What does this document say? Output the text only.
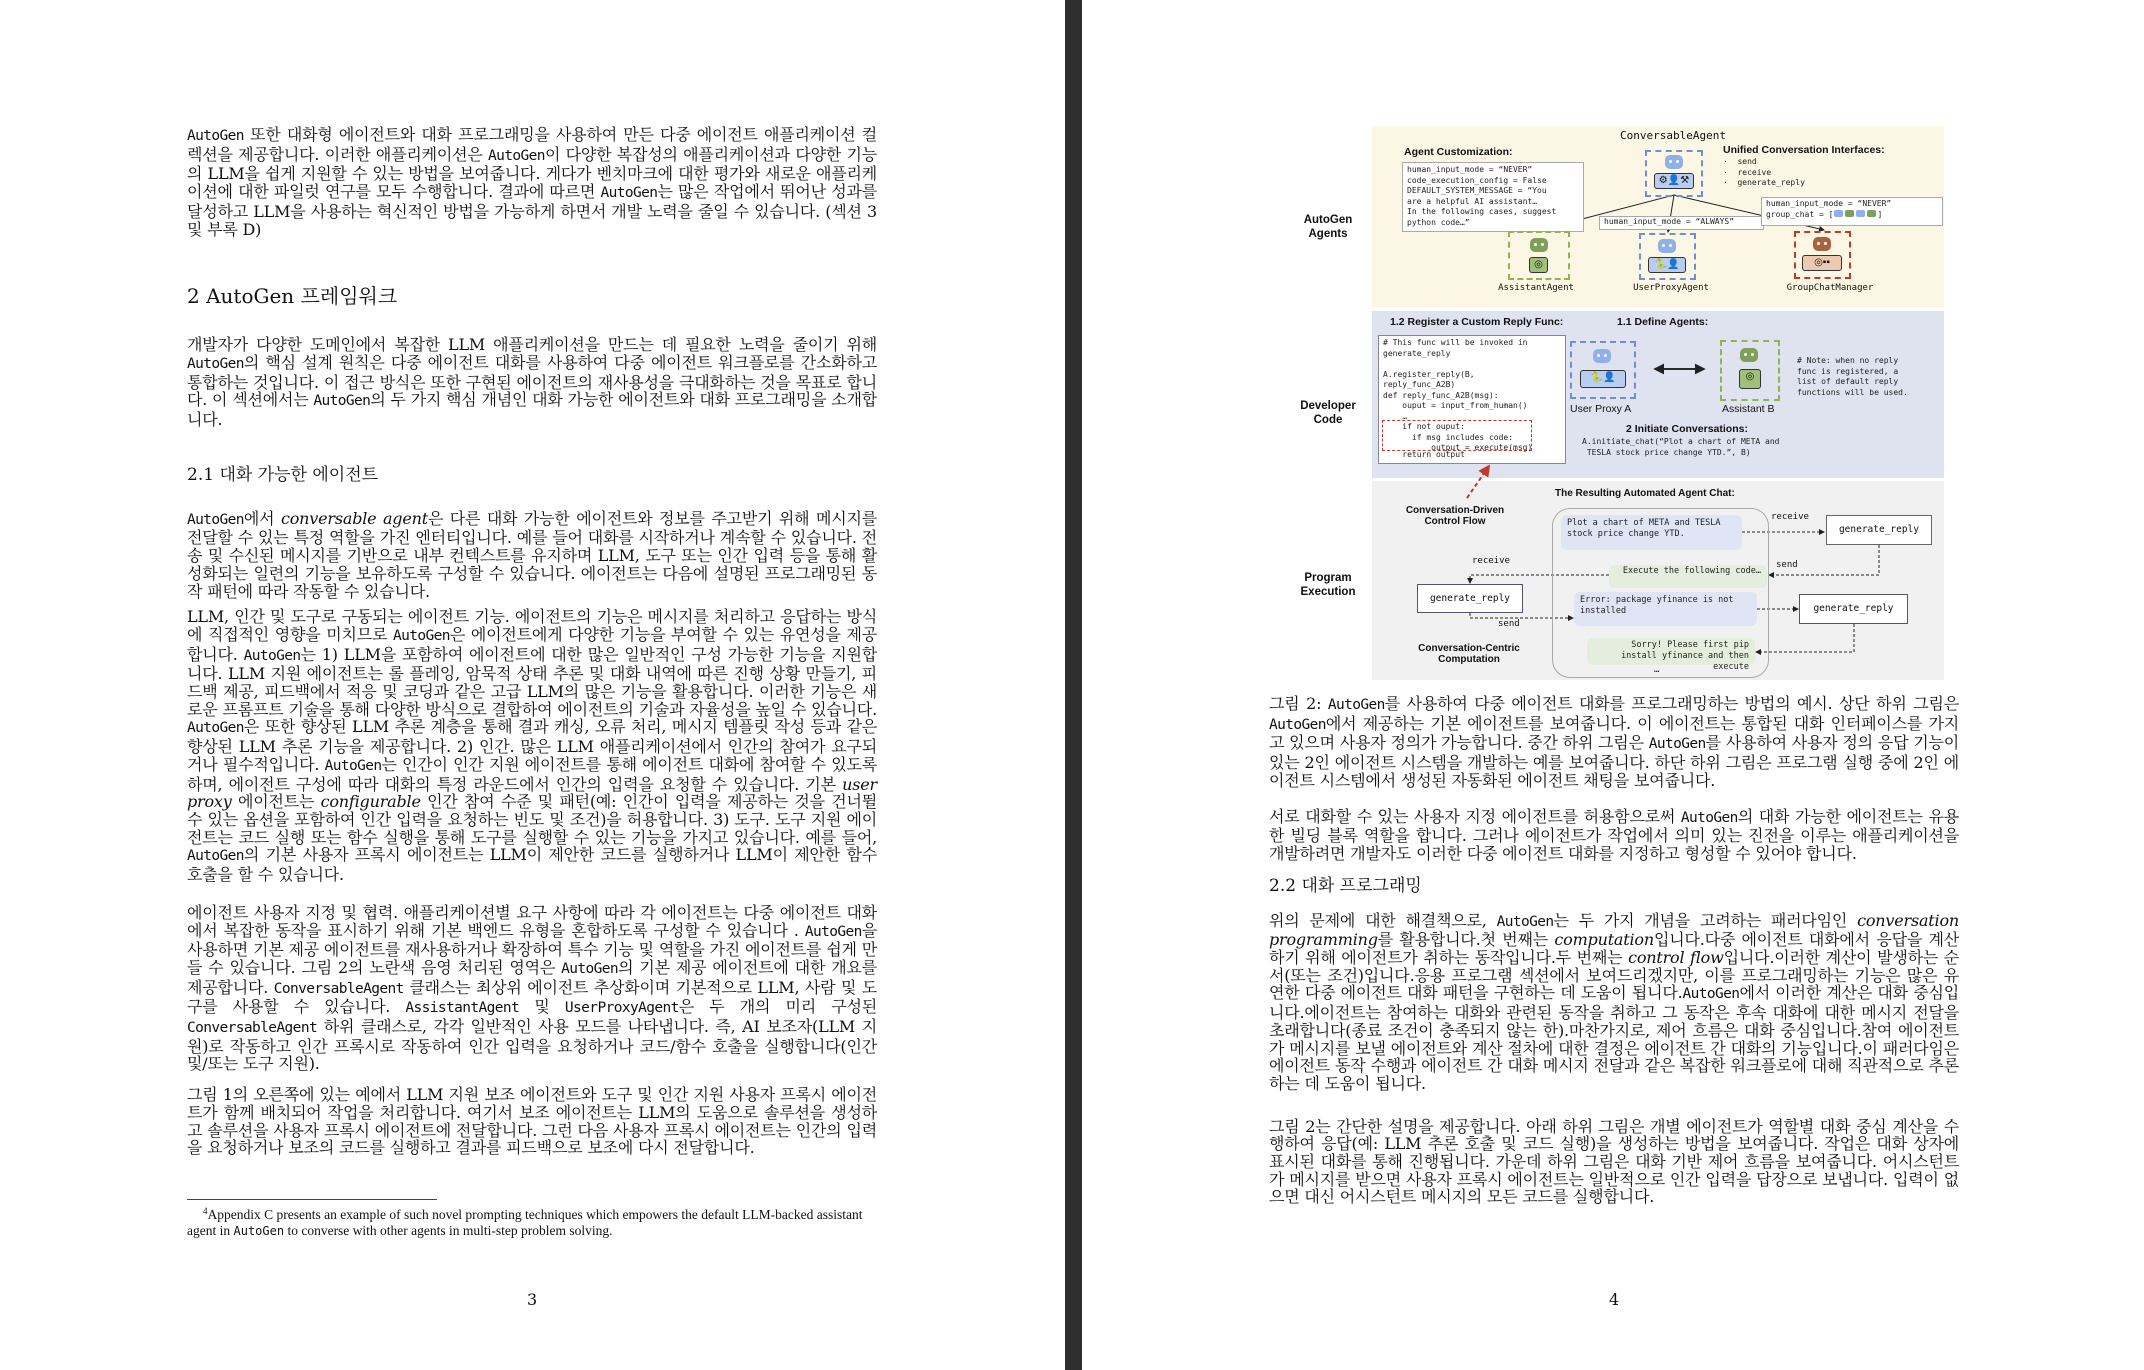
AutoGen 또한 대화형 에이전트와 대화 프로그래밍을 사용하여 만든 다중 에이전트 애플리케이션 컬렉션을 제공합니다. 이러한 애플리케이션은 AutoGen이 다양한 복잡성의 애플리케이션과 다양한 기능의 LLM을 쉽게 지원할 수 있는 방법을 보여줍니다. 게다가 벤치마크에 대한 평가와 새로운 애플리케이션에 대한 파일럿 연구를 모두 수행합니다. 결과에 따르면 AutoGen는 많은 작업에서 뛰어난 성과를 달성하고 LLM을 사용하는 혁신적인 방법을 가능하게 하면서 개발 노력을 줄일 수 있습니다. (섹션 3 및 부록 D)
2 AutoGen 프레임워크
개발자가 다양한 도메인에서 복잡한 LLM 애플리케이션을 만드는 데 필요한 노력을 줄이기 위해 AutoGen의 핵심 설계 원칙은 다중 에이전트 대화를 사용하여 다중 에이전트 워크플로를 간소화하고 통합하는 것입니다. 이 접근 방식은 또한 구현된 에이전트의 재사용성을 극대화하는 것을 목표로 합니다. 이 섹션에서는 AutoGen의 두 가지 핵심 개념인 대화 가능한 에이전트와 대화 프로그래밍을 소개합니다.
2.1 대화 가능한 에이전트
AutoGen에서 conversable agent은 다른 대화 가능한 에이전트와 정보를 주고받기 위해 메시지를 전달할 수 있는 특정 역할을 가진 엔터티입니다. 예를 들어 대화를 시작하거나 계속할 수 있습니다. 전송 및 수신된 메시지를 기반으로 내부 컨텍스트를 유지하며 LLM, 도구 또는 인간 입력 등을 통해 활성화되는 일련의 기능을 보유하도록 구성할 수 있습니다. 에이전트는 다음에 설명된 프로그래밍된 동작 패턴에 따라 작동할 수 있습니다.
LLM, 인간 및 도구로 구동되는 에이전트 기능. 에이전트의 기능은 메시지를 처리하고 응답하는 방식에 직접적인 영향을 미치므로 AutoGen은 에이전트에게 다양한 기능을 부여할 수 있는 유연성을 제공합니다. AutoGen는 1) LLM을 포함하여 에이전트에 대한 많은 일반적인 구성 가능한 기능을 지원합니다. LLM 지원 에이전트는 롤 플레잉, 암묵적 상태 추론 및 대화 내역에 따른 진행 상황 만들기, 피드백 제공, 피드백에서 적응 및 코딩과 같은 고급 LLM의 많은 기능을 활용합니다. 이러한 기능은 새로운 프롬프트 기술을 통해 다양한 방식으로 결합하여 에이전트의 기술과 자율성을 높일 수 있습니다. AutoGen은 또한 향상된 LLM 추론 계층을 통해 결과 캐싱, 오류 처리, 메시지 템플릿 작성 등과 같은 향상된 LLM 추론 기능을 제공합니다. 2) 인간. 많은 LLM 애플리케이션에서 인간의 참여가 요구되거나 필수적입니다. AutoGen는 인간이 인간 지원 에이전트를 통해 에이전트 대화에 참여할 수 있도록 하며, 에이전트 구성에 따라 대화의 특정 라운드에서 인간의 입력을 요청할 수 있습니다. 기본 user proxy 에이전트는 configurable 인간 참여 수준 및 패턴(예: 인간이 입력을 제공하는 것을 건너뛸 수 있는 옵션을 포함하여 인간 입력을 요청하는 빈도 및 조건)을 허용합니다. 3) 도구. 도구 지원 에이전트는 코드 실행 또는 함수 실행을 통해 도구를 실행할 수 있는 기능을 가지고 있습니다. 예를 들어, AutoGen의 기본 사용자 프록시 에이전트는 LLM이 제안한 코드를 실행하거나 LLM이 제안한 함수 호출을 할 수 있습니다.
에이전트 사용자 지정 및 협력. 애플리케이션별 요구 사항에 따라 각 에이전트는 다중 에이전트 대화에서 복잡한 동작을 표시하기 위해 기본 백엔드 유형을 혼합하도록 구성할 수 있습니다 . AutoGen을 사용하면 기본 제공 에이전트를 재사용하거나 확장하여 특수 기능 및 역할을 가진 에이전트를 쉽게 만들 수 있습니다. 그림 2의 노란색 음영 처리된 영역은 AutoGen의 기본 제공 에이전트에 대한 개요를 제공합니다. ConversableAgent 클래스는 최상위 에이전트 추상화이며 기본적으로 LLM, 사람 및 도구를 사용할 수 있습니다. AssistantAgent 및 UserProxyAgent은 두 개의 미리 구성된 ConversableAgent 하위 클래스로, 각각 일반적인 사용 모드를 나타냅니다. 즉, AI 보조자(LLM 지원)로 작동하고 인간 프록시로 작동하여 인간 입력을 요청하거나 코드/함수 호출을 실행합니다(인간 및/또는 도구 지원).
그림 1의 오른쪽에 있는 예에서 LLM 지원 보조 에이전트와 도구 및 인간 지원 사용자 프록시 에이전트가 함께 배치되어 작업을 처리합니다. 여기서 보조 에이전트는 LLM의 도움으로 솔루션을 생성하고 솔루션을 사용자 프록시 에이전트에 전달합니다. 그런 다음 사용자 프록시 에이전트는 인간의 입력을 요청하거나 보조의 코드를 실행하고 결과를 피드백으로 보조에 다시 전달합니다.
$^4$Appendix C presents an example of such novel prompting techniques which empowers the default LLM-backed assistant agent in AutoGen to converse with other agents in multi-step problem solving.
3
AutoGen Agents
Developer Code
Program Execution
ConversableAgent
Agent Customization:
human_input_mode = “NEVER”
code_execution_config = False
DEFAULT_SYSTEM_MESSAGE = “You
are a helpful AI assistant…
In the following cases, suggest
python code…”
⚙👤⚒
Unified Conversation Interfaces:
·  send
·  receive
·  generate_reply
human_input_mode = “ALWAYS”
human_input_mode = “NEVER”
group_chat = [	]
◎
AssistantAgent
🐍👤
UserProxyAgent
◎▪▪
GroupChatManager
1.2 Register a Custom Reply Func:	1.1 Define Agents:
# This func will be invoked in
generate_reply

A.register_reply(B,
reply_func_A2B)
def reply_func_A2B(msg):
ouput = input_from_human()
…
if not ouput:
if msg includes code:
output = execute(msg)
return output
🐍👤
User Proxy A
◎
Assistant B
# Note: when no reply
func is registered, a
list of default reply
functions will be used.
2 Initiate Conversations:
A.initiate_chat(“Plot a chart of META and
TESLA stock price change YTD.”, B)
The Resulting Automated Agent Chat:
Conversation-Driven Control Flow	Plot a chart of META and TESLA stock price change YTD.
Execute the following code…
Error: package yfinance is not installed
Sorry! Please first pip install yfinance and then execute
…
receive
generate_reply
send
receive
generate_reply
send
generate_reply
Conversation-Centric Computation
그림 2: AutoGen를 사용하여 다중 에이전트 대화를 프로그래밍하는 방법의 예시. 상단 하위 그림은 AutoGen에서 제공하는 기본 에이전트를 보여줍니다. 이 에이전트는 통합된 대화 인터페이스를 가지고 있으며 사용자 정의가 가능합니다. 중간 하위 그림은 AutoGen를 사용하여 사용자 정의 응답 기능이 있는 2인 에이전트 시스템을 개발하는 예를 보여줍니다. 하단 하위 그림은 프로그램 실행 중에 2인 에이전트 시스템에서 생성된 자동화된 에이전트 채팅을 보여줍니다.
서로 대화할 수 있는 사용자 지정 에이전트를 허용함으로써 AutoGen의 대화 가능한 에이전트는 유용한 빌딩 블록 역할을 합니다. 그러나 에이전트가 작업에서 의미 있는 진전을 이루는 애플리케이션을 개발하려면 개발자도 이러한 다중 에이전트 대화를 지정하고 형성할 수 있어야 합니다.
2.2 대화 프로그래밍
위의 문제에 대한 해결책으로, AutoGen는 두 가지 개념을 고려하는 패러다임인 conversation programming를 활용합니다.첫 번째는 computation입니다.다중 에이전트 대화에서 응답을 계산하기 위해 에이전트가 취하는 동작입니다.두 번째는 control flow입니다.이러한 계산이 발생하는 순서(또는 조건)입니다.응용 프로그램 섹션에서 보여드리겠지만, 이를 프로그래밍하는 기능은 많은 유연한 다중 에이전트 대화 패턴을 구현하는 데 도움이 됩니다.AutoGen에서 이러한 계산은 대화 중심입니다.에이전트는 참여하는 대화와 관련된 동작을 취하고 그 동작은 후속 대화에 대한 메시지 전달을 초래합니다(종료 조건이 충족되지 않는 한).마찬가지로, 제어 흐름은 대화 중심입니다.참여 에이전트가 메시지를 보낼 에이전트와 계산 절차에 대한 결정은 에이전트 간 대화의 기능입니다.이 패러다임은 에이전트 동작 수행과 에이전트 간 대화 메시지 전달과 같은 복잡한 워크플로에 대해 직관적으로 추론하는 데 도움이 됩니다.
그림 2는 간단한 설명을 제공합니다. 아래 하위 그림은 개별 에이전트가 역할별 대화 중심 계산을 수행하여 응답(예: LLM 추론 호출 및 코드 실행)을 생성하는 방법을 보여줍니다. 작업은 대화 상자에 표시된 대화를 통해 진행됩니다. 가운데 하위 그림은 대화 기반 제어 흐름을 보여줍니다. 어시스턴트가 메시지를 받으면 사용자 프록시 에이전트는 일반적으로 인간 입력을 답장으로 보냅니다. 입력이 없으면 대신 어시스턴트 메시지의 모든 코드를 실행합니다.
4
